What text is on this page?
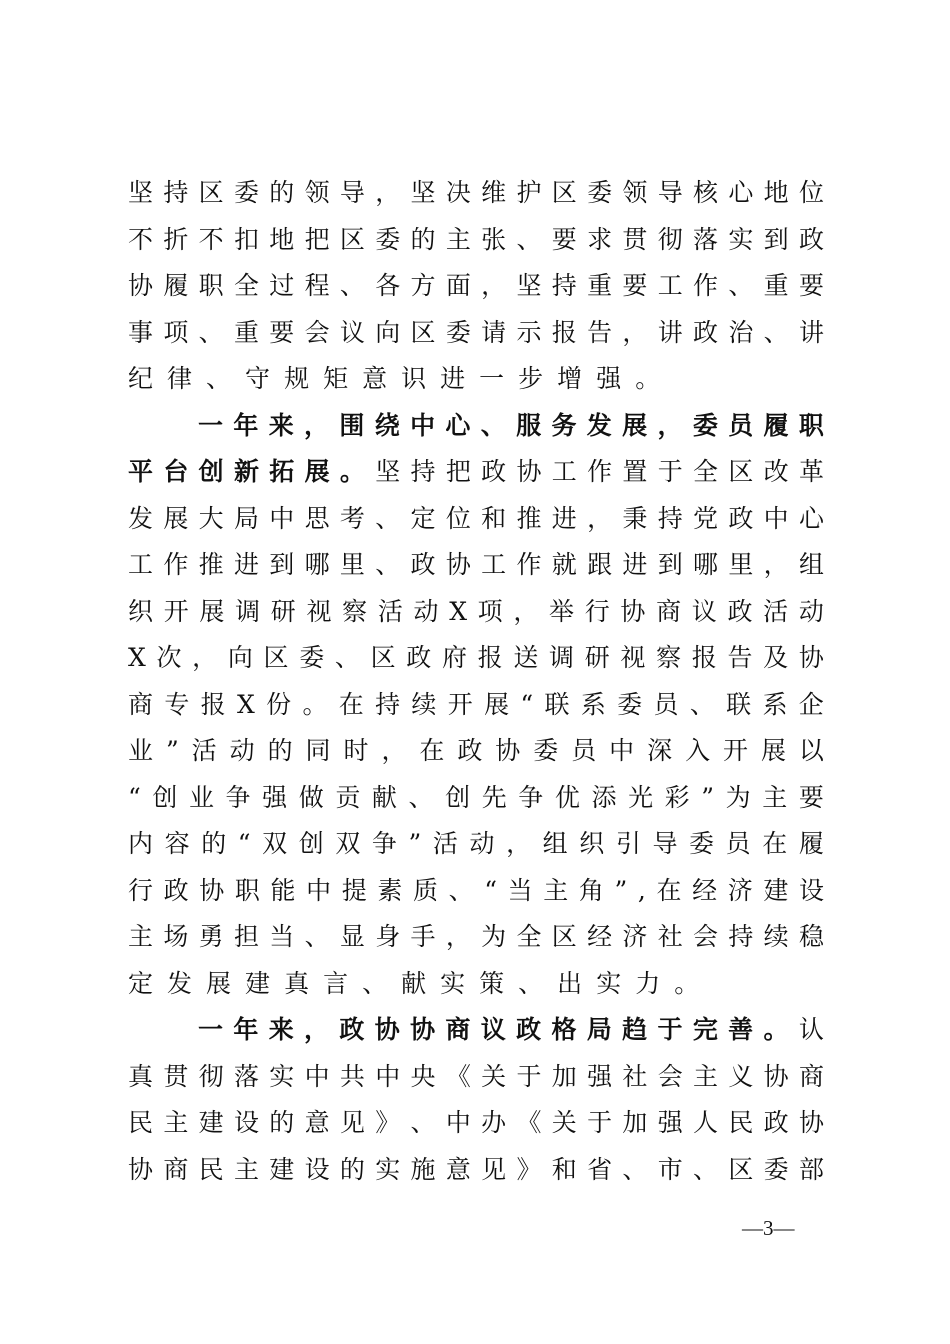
坚 持 区 委 的 领 导 ， 坚 决 维 护 区 委 领 导 核 心 地 位
不 折 不 扣 地 把 区 委 的 主 张 、 要 求 贯 彻 落 实 到 政
协 履 职 全 过 程 、 各 方 面 ， 坚 持 重 要 工 作 、 重 要
事 项 、 重 要 会 议 向 区 委 请 示 报 告 ， 讲 政 治 、 讲
纪 律 、 守 规 矩 意 识 进 一 步 增 强 。
一 年 来 ， 围 绕 中 心 、 服 务 发 展 ， 委 员 履 职
平 台 创 新 拓 展 。 坚 持 把 政 协 工 作 置 于 全 区 改 革
发 展 大 局 中 思 考 、 定 位 和 推 进 ， 秉 持 党 政 中 心
工 作 推 进 到 哪 里 、 政 协 工 作 就 跟 进 到 哪 里 ， 组
织 开 展 调 研 视 察 活 动 X 项 ， 举 行 协 商 议 政 活 动
X 次 ， 向 区 委 、 区 政 府 报 送 调 研 视 察 报 告 及 协
商 专 报 X 份 。 在 持 续 开 展 “ 联 系 委 员 、 联 系 企
业 ” 活 动 的 同 时 ， 在 政 协 委 员 中 深 入 开 展 以
“ 创 业 争 强 做 贡 献 、 创 先 争 优 添 光 彩 ” 为 主 要
内 容 的 “ 双 创 双 争 ” 活 动 ， 组 织 引 导 委 员 在 履
行 政 协 职 能 中 提 素 质 、 “ 当 主 角 ” , 在 经 济 建 设
主 场 勇 担 当 、 显 身 手 ， 为 全 区 经 济 社 会 持 续 稳
定 发 展 建 真 言 、 献 实 策 、 出 实 力 。
一 年 来 ， 政 协 协 商 议 政 格 局 趋 于 完 善 。 认
真 贯 彻 落 实 中 共 中 央 《 关 于 加 强 社 会 主 义 协 商
民 主 建 设 的 意 见 》 、 中 办 《 关 于 加 强 人 民 政 协
协 商 民 主 建 设 的 实 施 意 见 》 和 省 、 市 、 区 委 部
—3—
